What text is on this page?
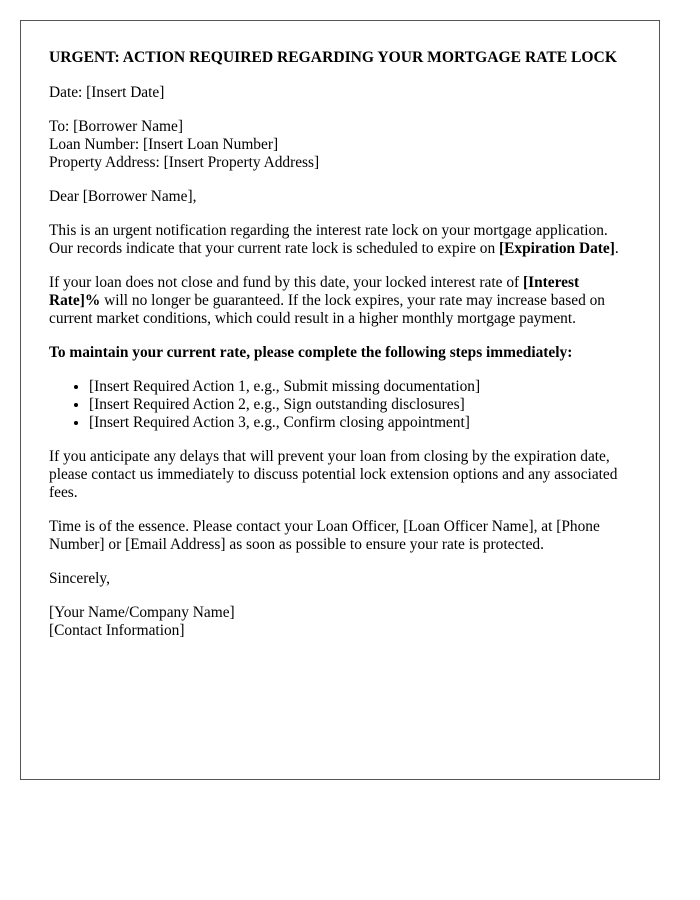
URGENT: ACTION REQUIRED REGARDING YOUR MORTGAGE RATE LOCK

Date: [Insert Date]

To: [Borrower Name]
Loan Number: [Insert Loan Number]
Property Address: [Insert Property Address]

Dear [Borrower Name],

This is an urgent notification regarding the interest rate lock on your mortgage application. Our records indicate that your current rate lock is scheduled to expire on [Expiration Date].

If your loan does not close and fund by this date, your locked interest rate of [Interest Rate]% will no longer be guaranteed. If the lock expires, your rate may increase based on current market conditions, which could result in a higher monthly mortgage payment.

To maintain your current rate, please complete the following steps immediately:

• [Insert Required Action 1, e.g., Submit missing documentation]
• [Insert Required Action 2, e.g., Sign outstanding disclosures]
• [Insert Required Action 3, e.g., Confirm closing appointment]

If you anticipate any delays that will prevent your loan from closing by the expiration date, please contact us immediately to discuss potential lock extension options and any associated fees.

Time is of the essence. Please contact your Loan Officer, [Loan Officer Name], at [Phone Number] or [Email Address] as soon as possible to ensure your rate is protected.

Sincerely,

[Your Name/Company Name]
[Contact Information]
